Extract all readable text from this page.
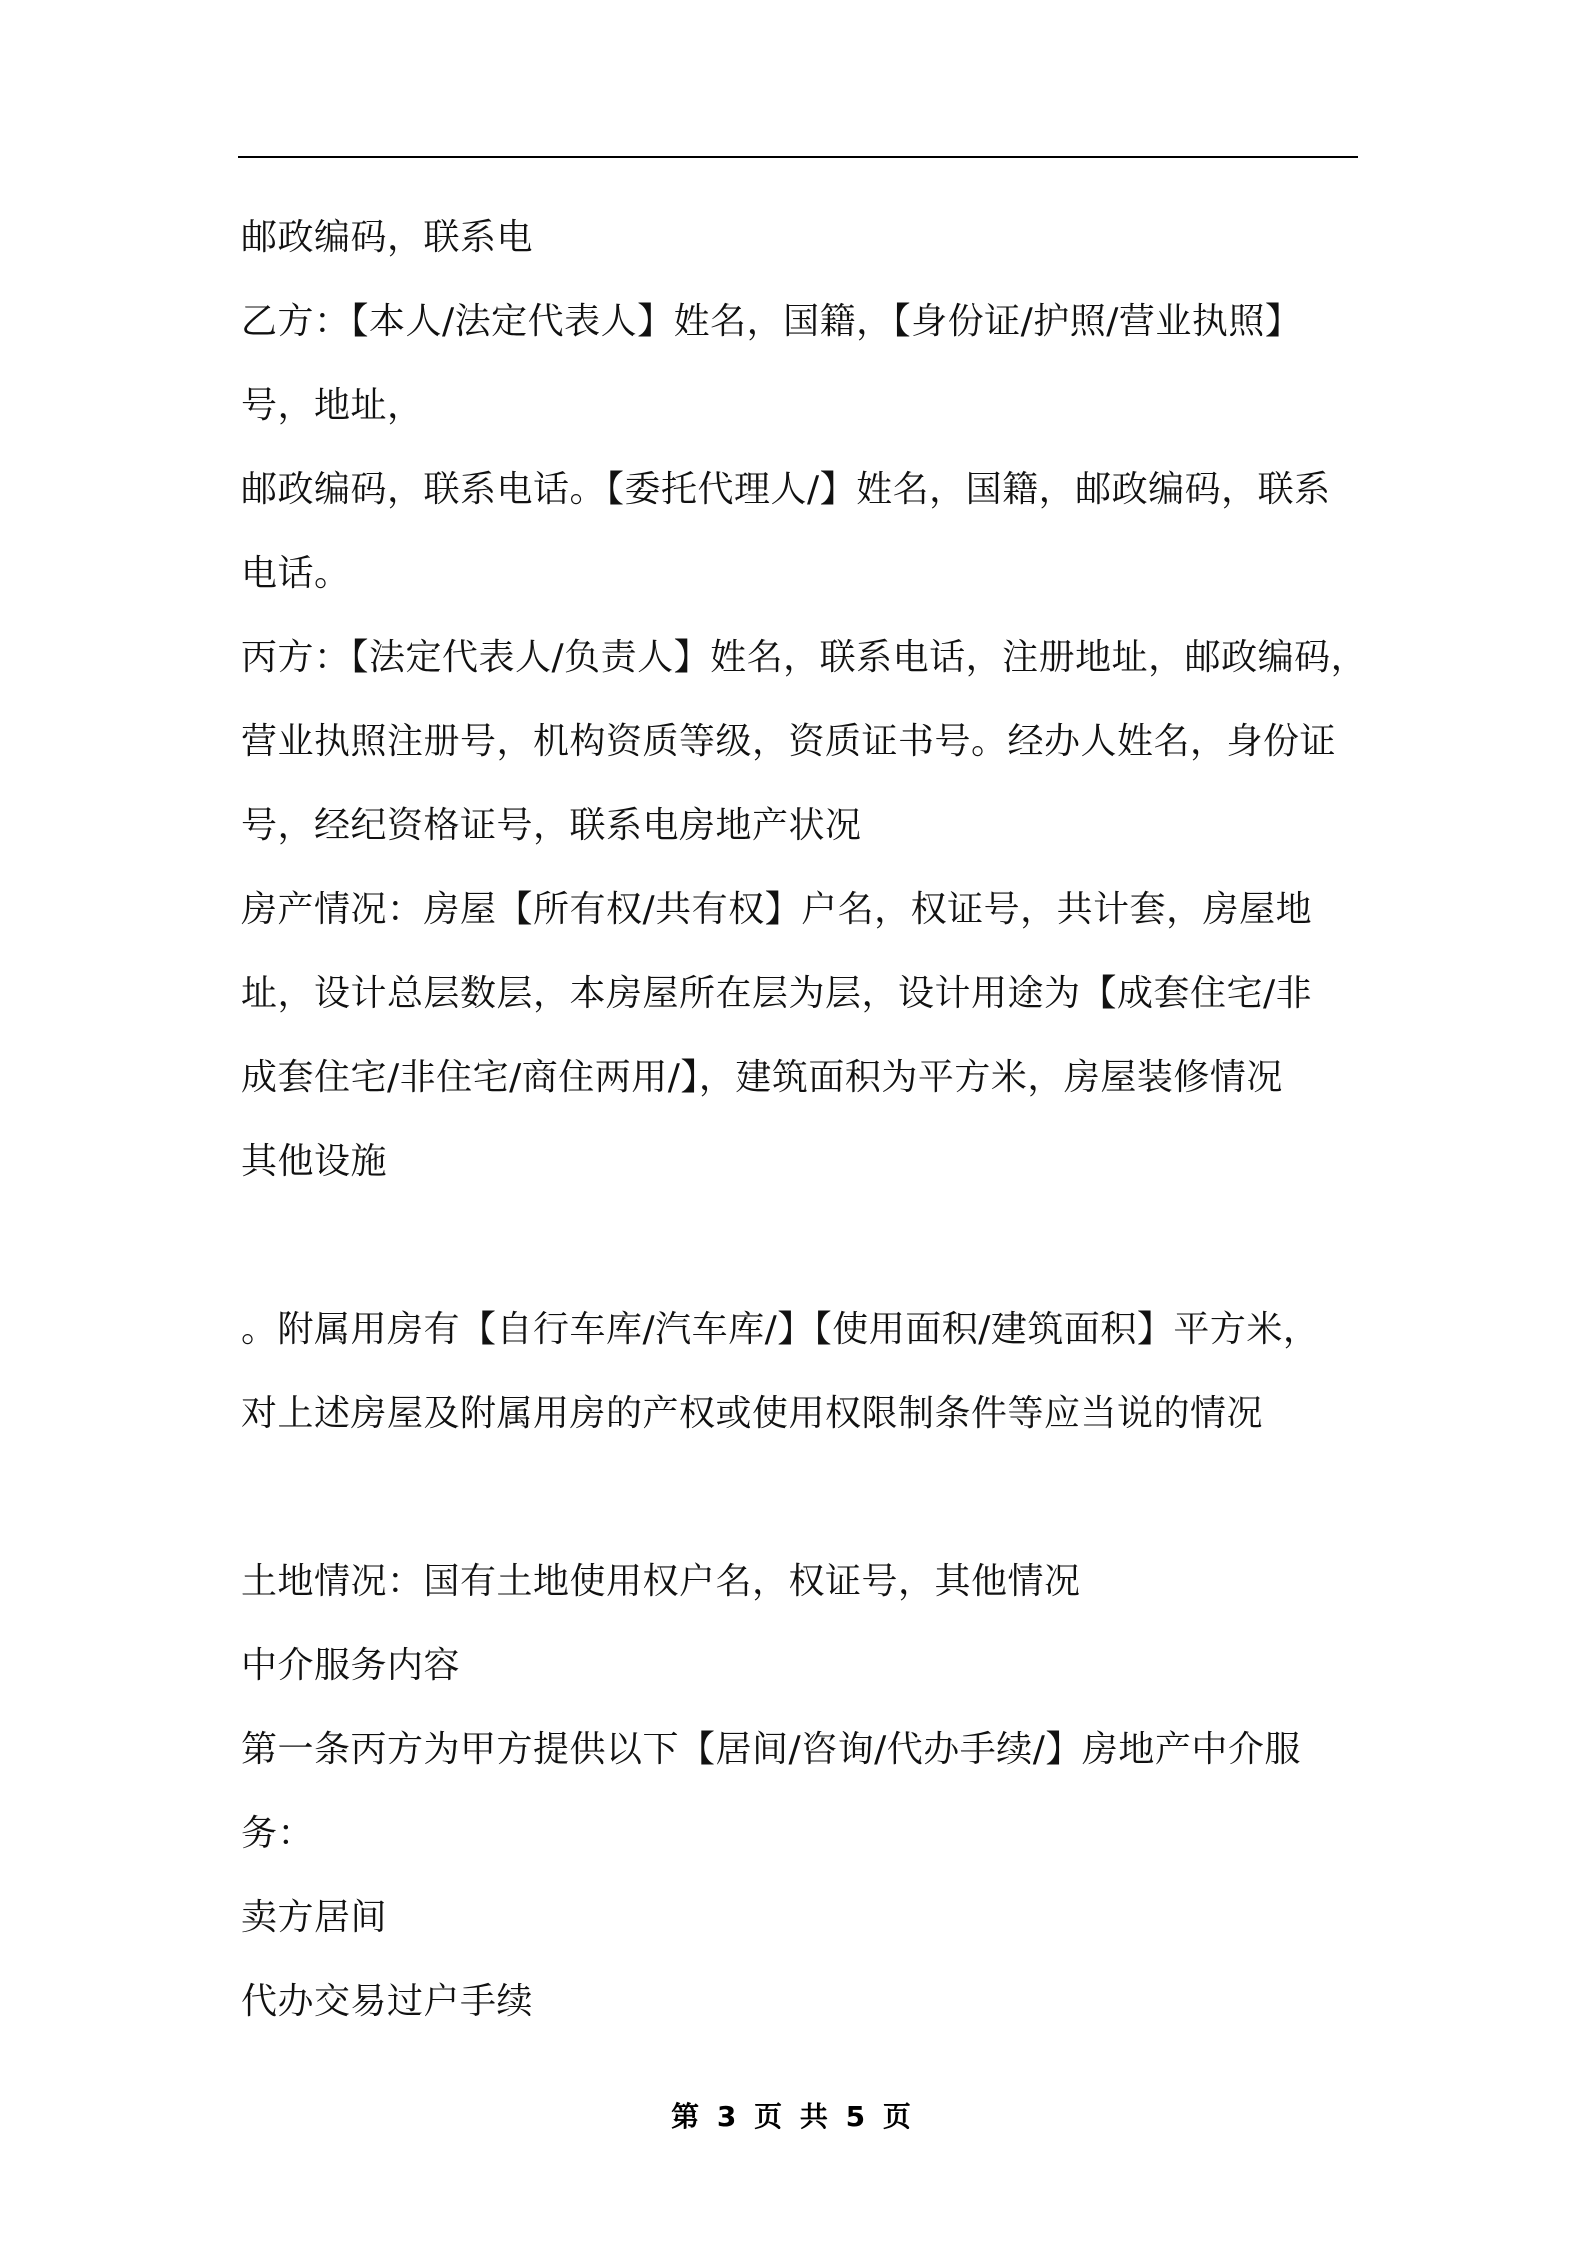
邮政编码，联系电
乙方：【本人/法定代表人】姓名，国籍，【身份证/护照/营业执照】
号，地址，
邮政编码，联系电话。【委托代理人/】姓名，国籍，邮政编码，联系
电话。
丙方：【法定代表人/负责人】姓名，联系电话，注册地址，邮政编码，
营业执照注册号，机构资质等级，资质证书号。经办人姓名，身份证
号，经纪资格证号，联系电房地产状况
房产情况：房屋【所有权/共有权】户名，权证号，共计套，房屋地
址，设计总层数层，本房屋所在层为层，设计用途为【成套住宅/非
成套住宅/非住宅/商住两用/】，建筑面积为平方米，房屋装修情况
其他设施
。附属用房有【自行车库/汽车库/】【使用面积/建筑面积】平方米，
对上述房屋及附属用房的产权或使用权限制条件等应当说的情况
土地情况：国有土地使用权户名，权证号，其他情况
中介服务内容
第一条丙方为甲方提供以下【居间/咨询/代办手续/】房地产中介服
务：
卖方居间
代办交易过户手续
第 3 页 共 5 页
